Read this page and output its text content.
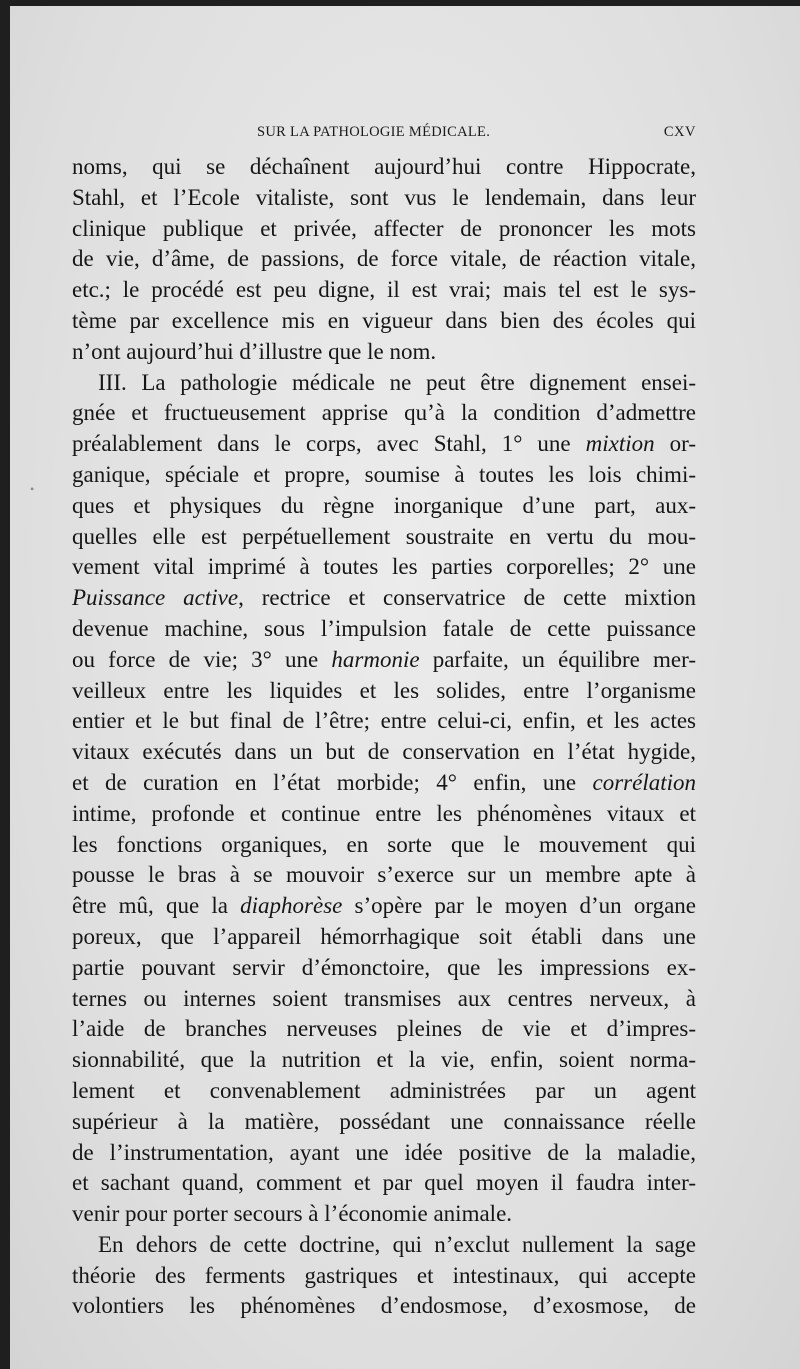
SUR LA PATHOLOGIE MÉDICALE.	CXV
•
noms, qui se déchaînent aujourd’hui contre Hippocrate,
Stahl, et l’Ecole vitaliste, sont vus le lendemain, dans leur
clinique publique et privée, affecter de prononcer les mots
de vie, d’âme, de passions, de force vitale, de réaction vitale,
etc.; le procédé est peu digne, il est vrai; mais tel est le sys-
tème par excellence mis en vigueur dans bien des écoles qui
n’ont aujourd’hui d’illustre que le nom.
III. La pathologie médicale ne peut être dignement ensei-
gnée et fructueusement apprise qu’à la condition d’admettre
préalablement dans le corps, avec Stahl, 1° une mixtion or-
ganique, spéciale et propre, soumise à toutes les lois chimi-
ques et physiques du règne inorganique d’une part, aux-
quelles elle est perpétuellement soustraite en vertu du mou-
vement vital imprimé à toutes les parties corporelles; 2° une
Puissance active, rectrice et conservatrice de cette mixtion
devenue machine, sous l’impulsion fatale de cette puissance
ou force de vie; 3° une harmonie parfaite, un équilibre mer-
veilleux entre les liquides et les solides, entre l’organisme
entier et le but final de l’être; entre celui-ci, enfin, et les actes
vitaux exécutés dans un but de conservation en l’état hygide,
et de curation en l’état morbide; 4° enfin, une corrélation
intime, profonde et continue entre les phénomènes vitaux et
les fonctions organiques, en sorte que le mouvement qui
pousse le bras à se mouvoir s’exerce sur un membre apte à
être mû, que la diaphorèse s’opère par le moyen d’un organe
poreux, que l’appareil hémorrhagique soit établi dans une
partie pouvant servir d’émonctoire, que les impressions ex-
ternes ou internes soient transmises aux centres nerveux, à
l’aide de branches nerveuses pleines de vie et d’impres-
sionnabilité, que la nutrition et la vie, enfin, soient norma-
lement et convenablement administrées par un agent
supérieur à la matière, possédant une connaissance réelle
de l’instrumentation, ayant une idée positive de la maladie,
et sachant quand, comment et par quel moyen il faudra inter-
venir pour porter secours à l’économie animale.
En dehors de cette doctrine, qui n’exclut nullement la sage
théorie des ferments gastriques et intestinaux, qui accepte
volontiers les phénomènes d’endosmose, d’exosmose, de
